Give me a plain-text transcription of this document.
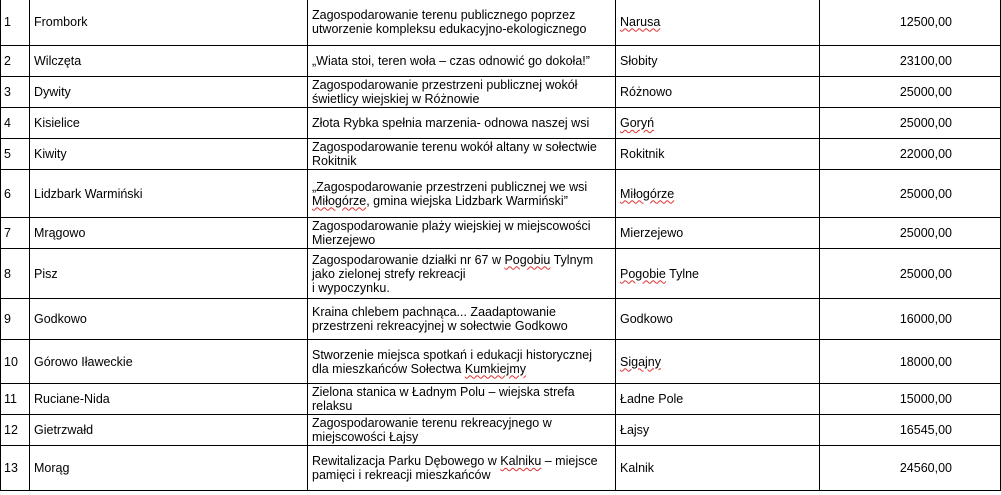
1	Frombork	Zagospodarowanie terenu publicznego poprzez utworzenie kompleksu edukacyjno-ekologicznego	Narusa	12500,00
2	Wilczęta	„Wiata stoi, teren woła – czas odnowić go dokoła!”	Słobity	23100,00
3	Dywity	Zagospodarowanie przestrzeni publicznej wokół świetlicy wiejskiej w Różnowie	Różnowo	25000,00
4	Kisielice	Złota Rybka spełnia marzenia- odnowa naszej wsi	Goryń	25000,00
5	Kiwity	Zagospodarowanie terenu wokół altany w sołectwie Rokitnik	Rokitnik	22000,00
6	Lidzbark Warmiński	„Zagospodarowanie przestrzeni publicznej we wsi Miłogórze, gmina wiejska Lidzbark Warmiński”	Miłogórze	25000,00
7	Mrągowo	Zagospodarowanie plaży wiejskiej w miejscowości Mierzejewo	Mierzejewo	25000,00
8	Pisz	Zagospodarowanie działki nr 67 w Pogobiu Tylnym
jako zielonej strefy rekreacji
i wypoczynku.	Pogobie Tylne	25000,00
9	Godkowo	Kraina chlebem pachnąca... Zaadaptowanie przestrzeni rekreacyjnej w sołectwie Godkowo	Godkowo	16000,00
10	Górowo Iławeckie	Stworzenie miejsca spotkań i edukacji historycznej dla mieszkańców Sołectwa Kumkiejmy	Sigajny	18000,00
11	Ruciane-Nida	Zielona stanica w Ładnym Polu – wiejska strefa relaksu	Ładne Pole	15000,00
12	Gietrzwałd	Zagospodarowanie terenu rekreacyjnego w miejscowości Łajsy	Łajsy	16545,00
13	Morąg	Rewitalizacja Parku Dębowego w Kalniku – miejsce pamięci i rekreacji mieszkańców	Kalnik	24560,00
